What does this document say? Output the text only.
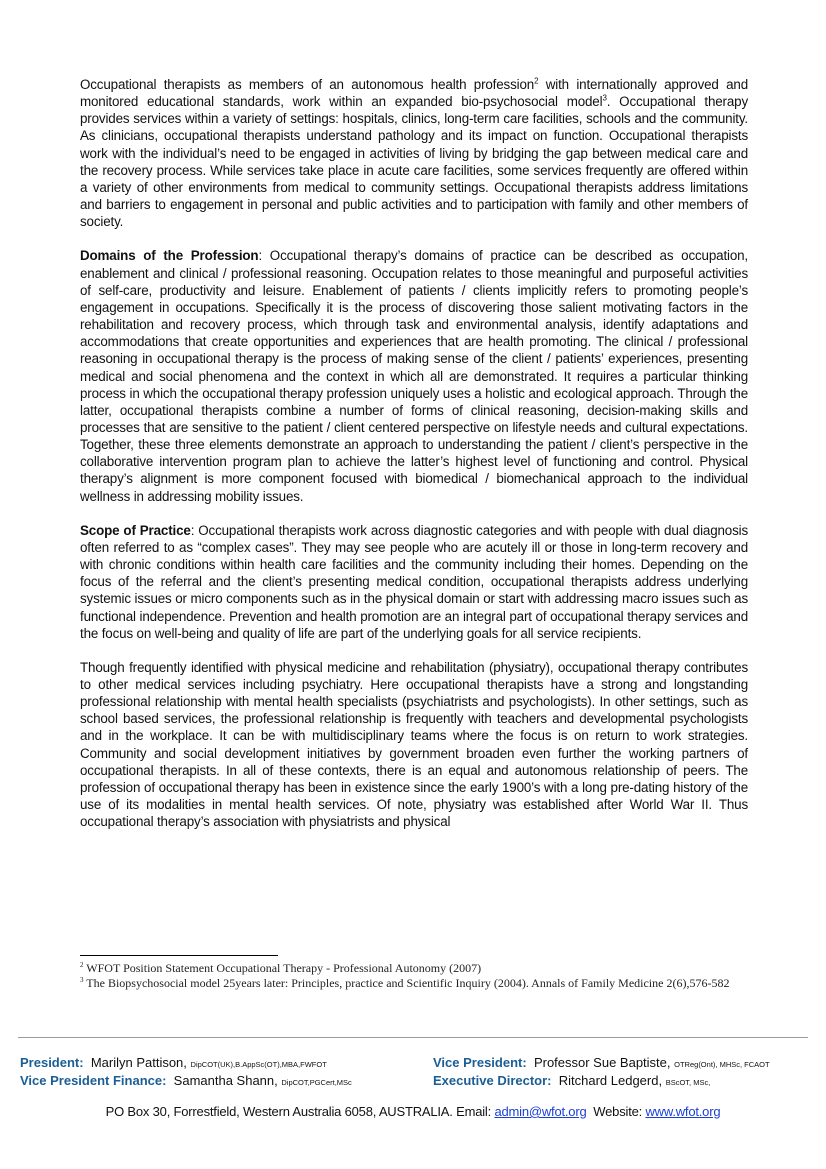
Occupational therapists as members of an autonomous health profession$^2$ with internationally approved and monitored educational standards, work within an expanded bio-psychosocial model$^3$. Occupational therapy provides services within a variety of settings: hospitals, clinics, long-term care facilities, schools and the community. As clinicians, occupational therapists understand pathology and its impact on function. Occupational therapists work with the individual’s need to be engaged in activities of living by bridging the gap between medical care and the recovery process. While services take place in acute care facilities, some services frequently are offered within a variety of other environments from medical to community settings. Occupational therapists address limitations and barriers to engagement in personal and public activities and to participation with family and other members of society.

Domains of the Profession: Occupational therapy’s domains of practice can be described as occupation, enablement and clinical / professional reasoning. Occupation relates to those meaningful and purposeful activities of self-care, productivity and leisure. Enablement of patients / clients implicitly refers to promoting people’s engagement in occupations. Specifically it is the process of discovering those salient motivating factors in the rehabilitation and recovery process, which through task and environmental analysis, identify adaptations and accommodations that create opportunities and experiences that are health promoting. The clinical / professional reasoning in occupational therapy is the process of making sense of the client / patients’ experiences, presenting medical and social phenomena and the context in which all are demonstrated. It requires a particular thinking process in which the occupational therapy profession uniquely uses a holistic and ecological approach. Through the latter, occupational therapists combine a number of forms of clinical reasoning, decision-making skills and processes that are sensitive to the patient / client centered perspective on lifestyle needs and cultural expectations. Together, these three elements demonstrate an approach to understanding the patient / client’s perspective in the collaborative intervention program plan to achieve the latter’s highest level of functioning and control. Physical therapy’s alignment is more component focused with biomedical / biomechanical approach to the individual wellness in addressing mobility issues.

Scope of Practice: Occupational therapists work across diagnostic categories and with people with dual diagnosis often referred to as “complex cases”. They may see people who are acutely ill or those in long-term recovery and with chronic conditions within health care facilities and the community including their homes. Depending on the focus of the referral and the client’s presenting medical condition, occupational therapists address underlying systemic issues or micro components such as in the physical domain or start with addressing macro issues such as functional independence. Prevention and health promotion are an integral part of occupational therapy services and the focus on well-being and quality of life are part of the underlying goals for all service recipients.

Though frequently identified with physical medicine and rehabilitation (physiatry), occupational therapy contributes to other medical services including psychiatry. Here occupational therapists have a strong and longstanding professional relationship with mental health specialists (psychiatrists and psychologists). In other settings, such as school based services, the professional relationship is frequently with teachers and developmental psychologists and in the workplace. It can be with multidisciplinary teams where the focus is on return to work strategies. Community and social development initiatives by government broaden even further the working partners of occupational therapists. In all of these contexts, there is an equal and autonomous relationship of peers. The profession of occupational therapy has been in existence since the early 1900’s with a long pre-dating history of the use of its modalities in mental health services. Of note, physiatry was established after World War II. Thus occupational therapy’s association with physiatrists and physical

$^2$ WFOT Position Statement Occupational Therapy - Professional Autonomy (2007)
$^3$ The Biopsychosocial model 25years later: Principles, practice and Scientific Inquiry (2004). Annals of Family Medicine 2(6),576-582
President: Marilyn Pattison, DipCOT(UK),B.AppSc(OT),MBA,FWFOT
Vice President Finance: Samantha Shann, DipCOT,PGCert,MSc
Vice President: Professor Sue Baptiste, OTReg(Ont), MHSc, FCAOT
Executive Director: Ritchard Ledgerd, BScOT, MSc,
PO Box 30, Forrestfield, Western Australia 6058, AUSTRALIA. Email: admin@wfot.org  Website: www.wfot.org
